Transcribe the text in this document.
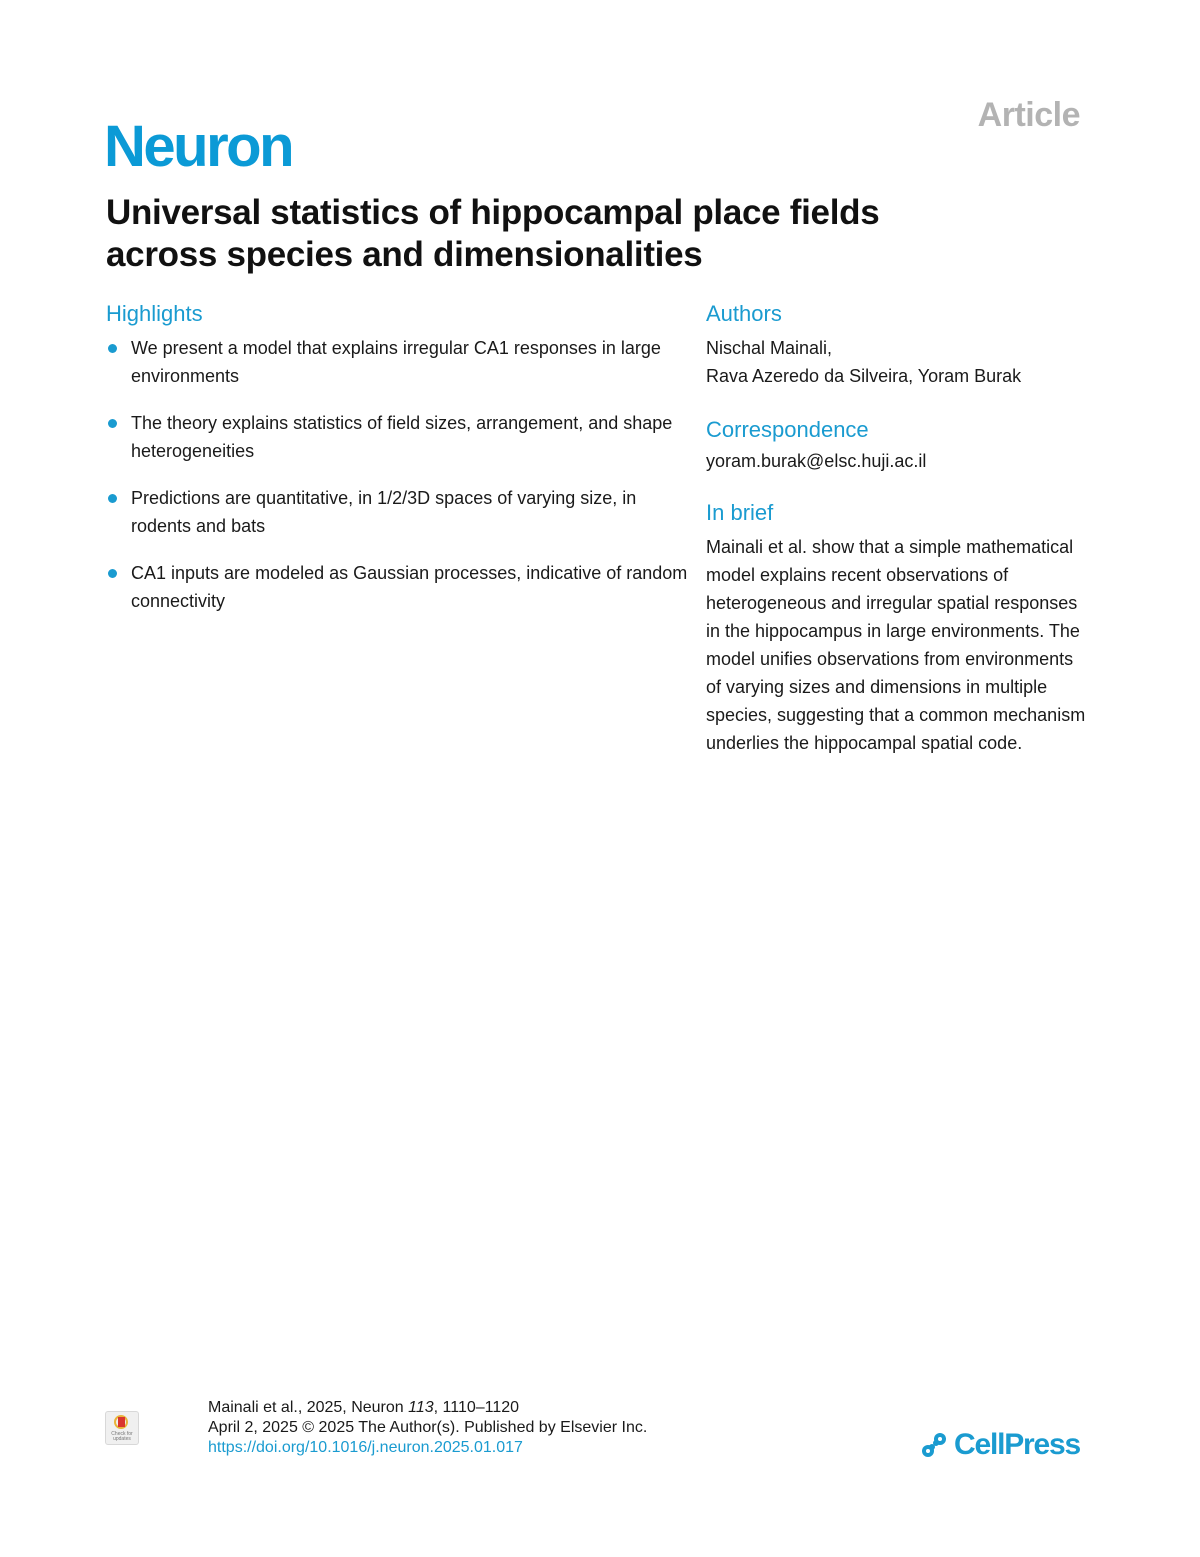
Article
Neuron
Universal statistics of hippocampal place fields
across species and dimensionalities
Highlights
We present a model that explains irregular CA1 responses in large environments
The theory explains statistics of field sizes, arrangement, and shape heterogeneities
Predictions are quantitative, in 1/2/3D spaces of varying size, in rodents and bats
CA1 inputs are modeled as Gaussian processes, indicative of random connectivity
Authors
Nischal Mainali,
Rava Azeredo da Silveira, Yoram Burak
Correspondence
yoram.burak@elsc.huji.ac.il
In brief
Mainali et al. show that a simple mathematical model explains recent observations of heterogeneous and irregular spatial responses in the hippocampus in large environments. The model unifies observations from environments of varying sizes and dimensions in multiple species, suggesting that a common mechanism underlies the hippocampal spatial code.
Check for updates
Mainali et al., 2025, Neuron 113, 1110–1120
April 2, 2025 © 2025 The Author(s). Published by Elsevier Inc.
https://doi.org/10.1016/j.neuron.2025.01.017	CellPress
